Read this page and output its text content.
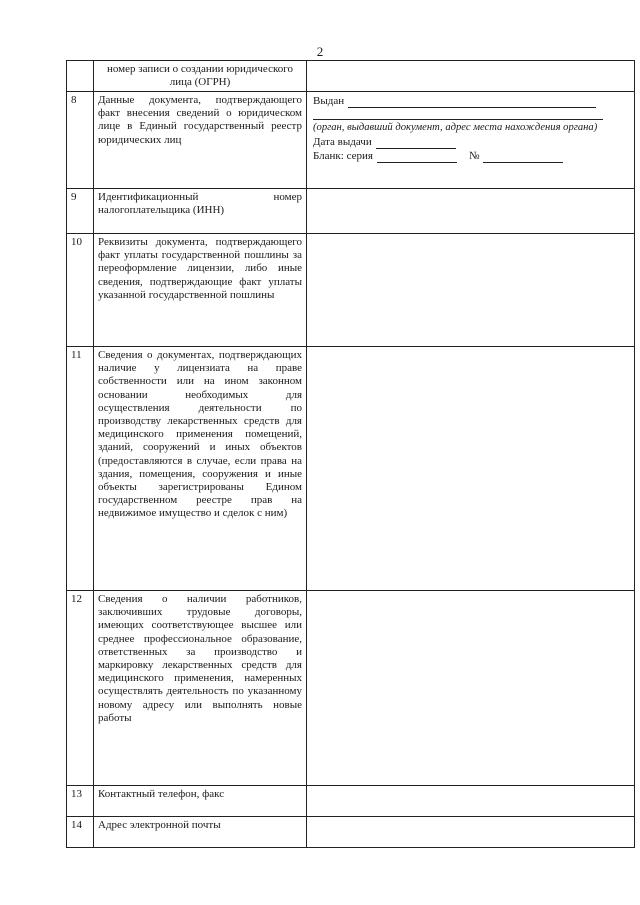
2

	номер записи о создании юридического лица (ОГРН)	

8	Данные документа, подтверждающего факт внесения сведений о юридическом лице в Единый государственный реестр юридических лиц	Выдан
(орган, выдавший документ, адрес места нахождения органа)
Дата выдачи
Бланк: серия №

9	Идентификационный номер налогоплательщика (ИНН)	

10	Реквизиты документа, подтверждающего факт уплаты государственной пошлины за переоформление лицензии, либо иные сведения, подтверждающие факт уплаты указанной государственной пошлины	

11	Сведения о документах, подтверждающих наличие у лицензиата на праве собственности или на ином законном основании необходимых для осуществления деятельности по производству лекарственных средств для медицинского применения помещений, зданий, сооружений и иных объектов (предоставляются в случае, если права на здания, помещения, сооружения и иные объекты зарегистрированы Едином государственном реестре прав на недвижимое имущество и сделок с ним)	

12	Сведения о наличии работников, заключивших трудовые договоры, имеющих соответствующее высшее или среднее профессиональное образование, ответственных за производство и маркировку лекарственных средств для медицинского применения, намеренных осуществлять деятельность по указанному новому адресу или выполнять новые работы	

13	Контактный телефон, факс	

14	Адрес электронной почты	
